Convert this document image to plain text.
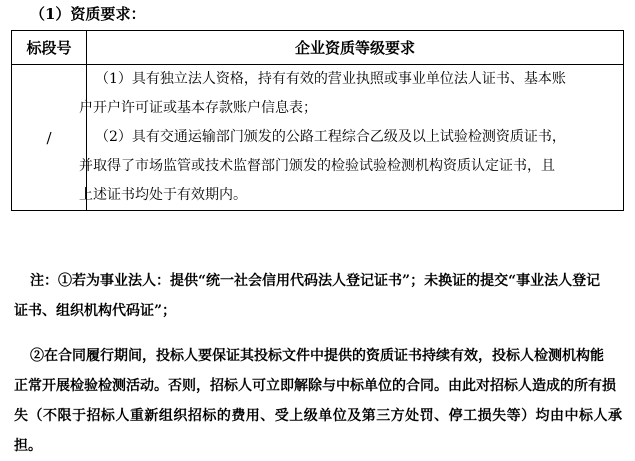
（1）资质要求：
标段号	企业资质等级要求
/	（1）具有独立法人资格，持有有效的营业执照或事业单位法人证书、基本账
户开户许可证或基本存款账户信息表；
（2）具有交通运输部门颁发的公路工程综合乙级及以上试验检测资质证书，
并取得了市场监管或技术监督部门颁发的检验试验检测机构资质认定证书，且
上述证书均处于有效期内。
注：①若为事业法人：提供“统一社会信用代码法人登记证书”；未换证的提交“事业法人登记
证书、组织机构代码证”；
②在合同履行期间，投标人要保证其投标文件中提供的资质证书持续有效，投标人检测机构能
正常开展检验检测活动。否则，招标人可立即解除与中标单位的合同。由此对招标人造成的所有损
失（不限于招标人重新组织招标的费用、受上级单位及第三方处罚、停工损失等）均由中标人承担。
